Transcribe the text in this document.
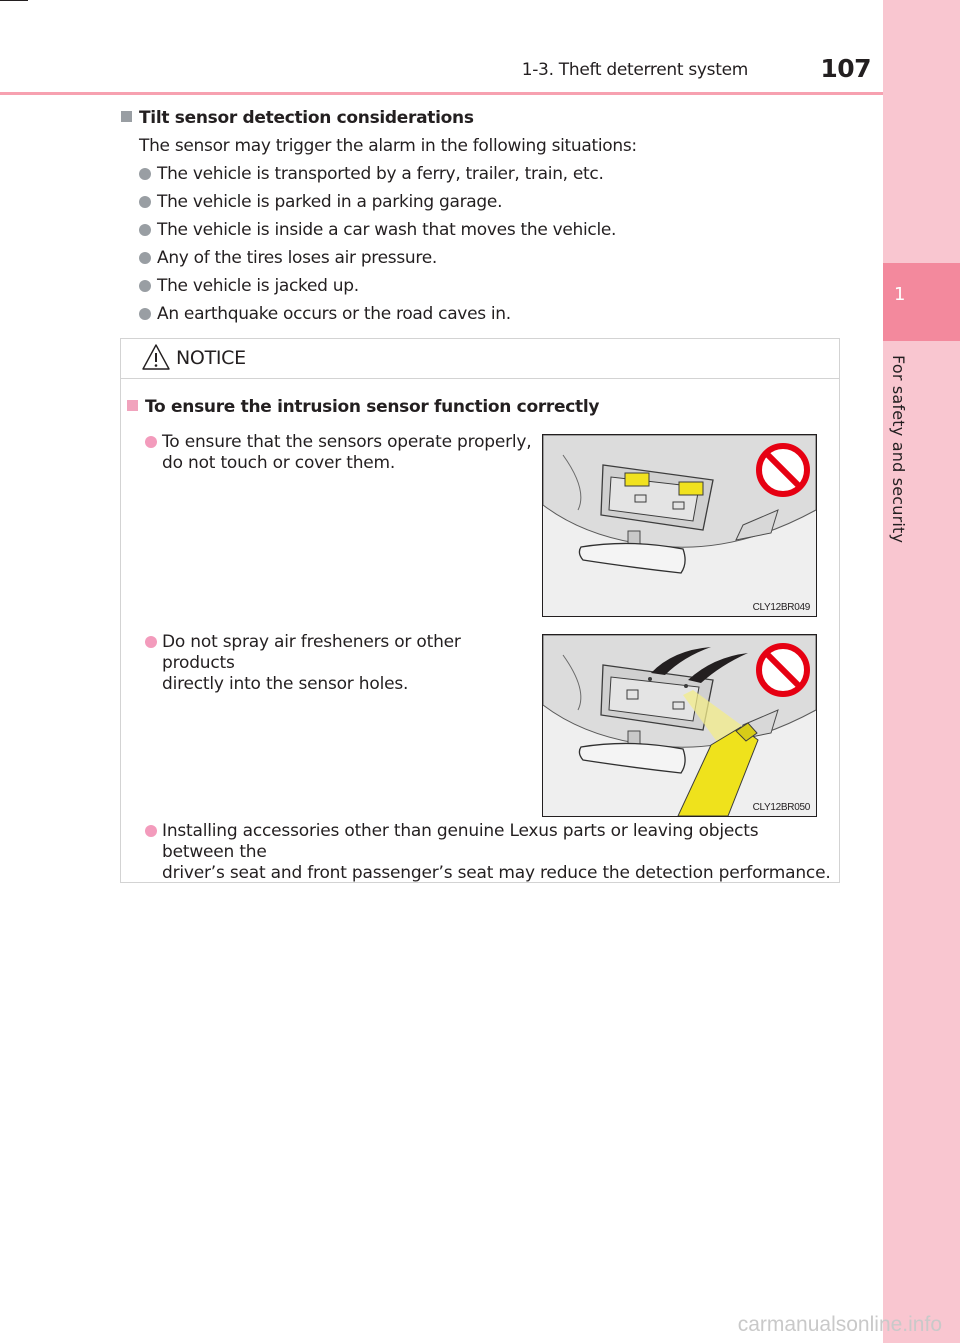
1-3. Theft deterrent system	107
1
For safety and security
Tilt sensor detection considerations
The sensor may trigger the alarm in the following situations:
The vehicle is transported by a ferry, trailer, train, etc.
The vehicle is parked in a parking garage.
The vehicle is inside a car wash that moves the vehicle.
Any of the tires loses air pressure.
The vehicle is jacked up.
An earthquake occurs or the road caves in.
NOTICE
To ensure the intrusion sensor function correctly
To ensure that the sensors operate properly,
do not touch or cover them.
CLY12BR049
Do not spray air fresheners or other products
directly into the sensor holes.
CLY12BR050
Installing accessories other than genuine Lexus parts or leaving objects between the
driver’s seat and front passenger’s seat may reduce the detection performance.
carmanualsonline.info
